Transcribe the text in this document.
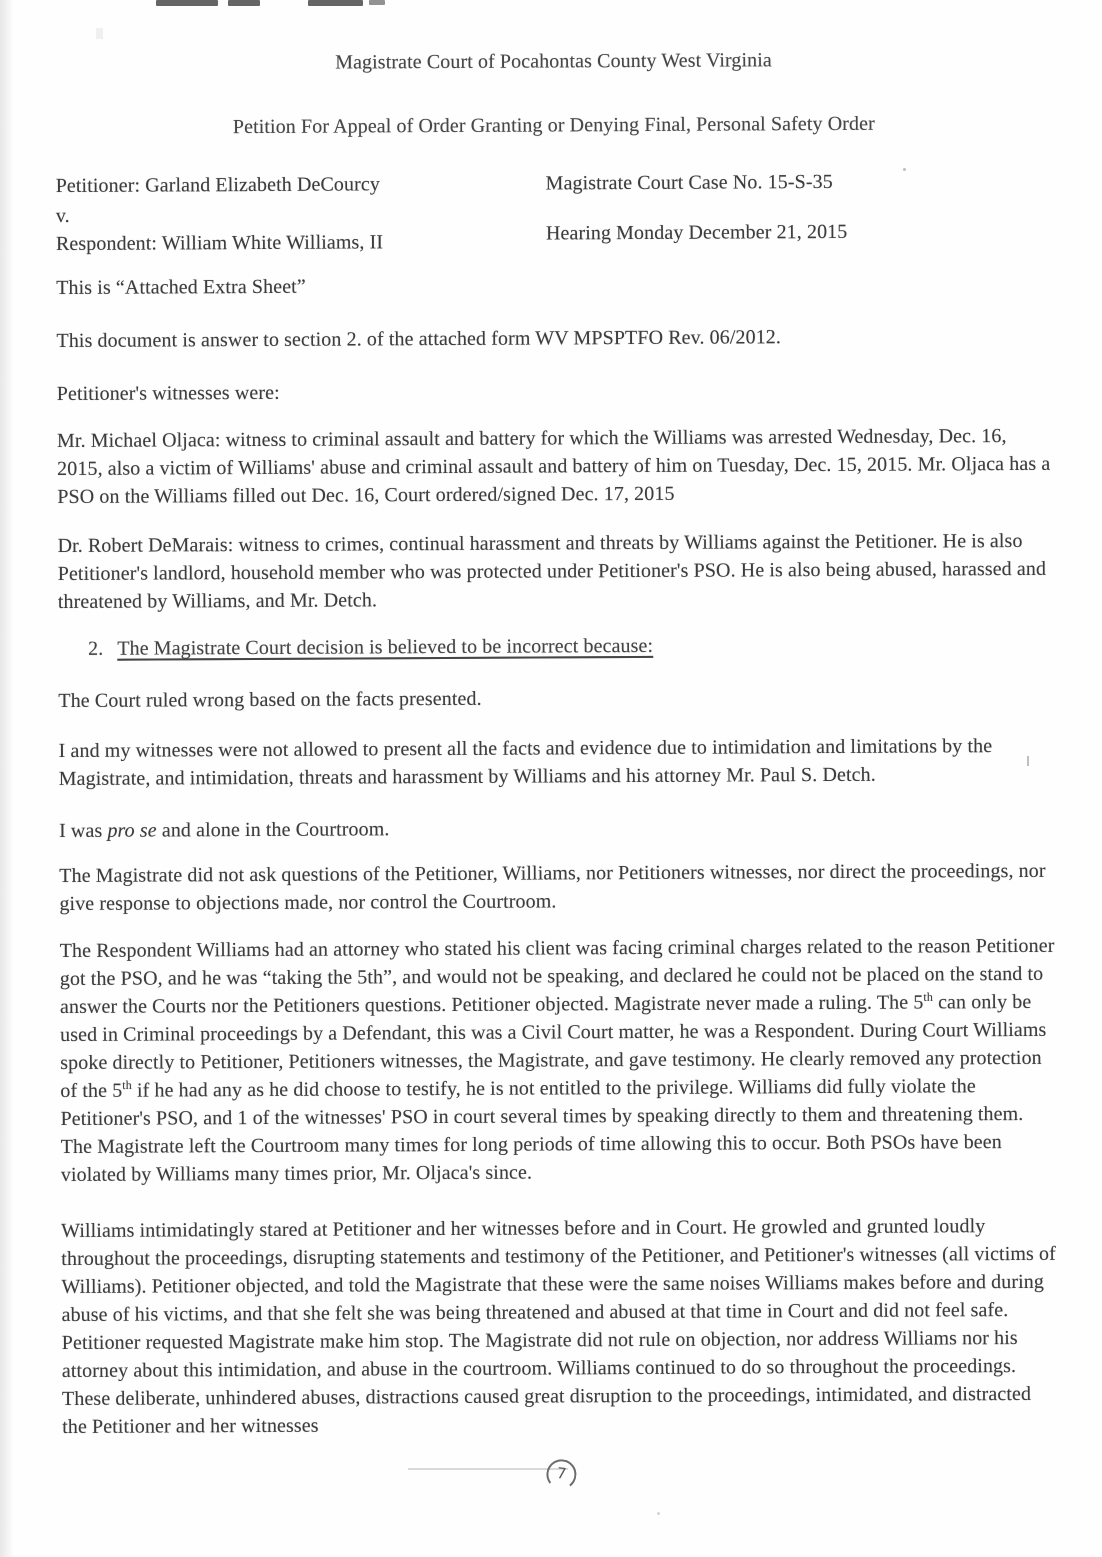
Magistrate Court of Pocahontas County West Virginia
Petition For Appeal of Order Granting or Denying Final, Personal Safety Order
Petitioner: Garland Elizabeth DeCourcy
v.
Respondent: William White Williams, II
Magistrate Court Case No. 15-S-35
Hearing Monday December 21, 2015

This is “Attached Extra Sheet”

This document is answer to section 2. of the attached form WV MPSPTFO Rev. 06/2012.

Petitioner's witnesses were:

Mr. Michael Oljaca: witness to criminal assault and battery for which the Williams was arrested Wednesday, Dec. 16, 2015, also a victim of Williams' abuse and criminal assault and battery of him on Tuesday, Dec. 15, 2015. Mr. Oljaca has a PSO on the Williams filled out Dec. 16, Court ordered/signed Dec. 17, 2015

Dr. Robert DeMarais: witness to crimes, continual harassment and threats by Williams against the Petitioner. He is also Petitioner's landlord, household member who was protected under Petitioner's PSO. He is also being abused, harassed and threatened by Williams, and Mr. Detch.

2. The Magistrate Court decision is believed to be incorrect because:

The Court ruled wrong based on the facts presented.

I and my witnesses were not allowed to present all the facts and evidence due to intimidation and limitations by the Magistrate, and intimidation, threats and harassment by Williams and his attorney Mr. Paul S. Detch.

I was pro se and alone in the Courtroom.

The Magistrate did not ask questions of the Petitioner, Williams, nor Petitioners witnesses, nor direct the proceedings, nor give response to objections made, nor control the Courtroom.

The Respondent Williams had an attorney who stated his client was facing criminal charges related to the reason Petitioner got the PSO, and he was “taking the 5th”, and would not be speaking, and declared he could not be placed on the stand to answer the Courts nor the Petitioners questions. Petitioner objected. Magistrate never made a ruling. The 5th can only be used in Criminal proceedings by a Defendant, this was a Civil Court matter, he was a Respondent. During Court Williams spoke directly to Petitioner, Petitioners witnesses, the Magistrate, and gave testimony. He clearly removed any protection of the 5th if he had any as he did choose to testify, he is not entitled to the privilege. Williams did fully violate the Petitioner's PSO, and 1 of the witnesses' PSO in court several times by speaking directly to them and threatening them. The Magistrate left the Courtroom many times for long periods of time allowing this to occur. Both PSOs have been violated by Williams many times prior, Mr. Oljaca's since.

Williams intimidatingly stared at Petitioner and her witnesses before and in Court. He growled and grunted loudly throughout the proceedings, disrupting statements and testimony of the Petitioner, and Petitioner's witnesses (all victims of Williams). Petitioner objected, and told the Magistrate that these were the same noises Williams makes before and during abuse of his victims, and that she felt she was being threatened and abused at that time in Court and did not feel safe. Petitioner requested Magistrate make him stop. The Magistrate did not rule on objection, nor address Williams nor his attorney about this intimidation, and abuse in the courtroom. Williams continued to do so throughout the proceedings. These deliberate, unhindered abuses, distractions caused great disruption to the proceedings, intimidated, and distracted the Petitioner and her witnesses

7
